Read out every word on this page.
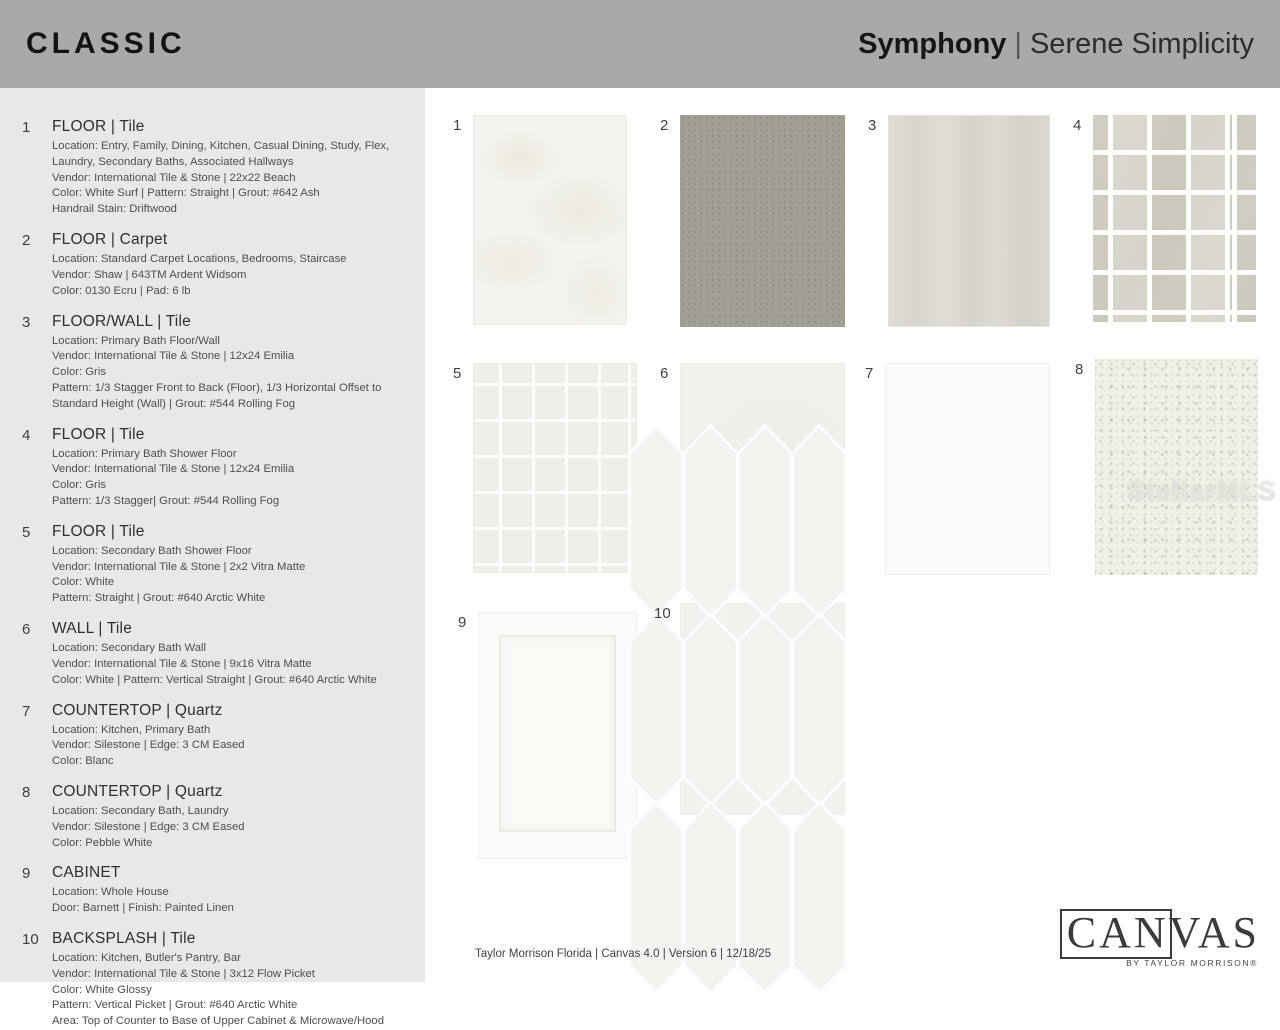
CLASSIC	Symphony | Serene Simplicity
1	FLOOR | Tile
Location: Entry, Family, Dining, Kitchen, Casual Dining, Study, Flex, Laundry, Secondary Baths, Associated Hallways
Vendor: International Tile & Stone | 22x22 Beach
Color: White Surf | Pattern: Straight | Grout: #642 Ash
Handrail Stain: Driftwood
2	FLOOR | Carpet
Location: Standard Carpet Locations, Bedrooms, Staircase
Vendor: Shaw | 643TM Ardent Widsom
Color: 0130 Ecru | Pad: 6 lb
3	FLOOR/WALL | Tile
Location: Primary Bath Floor/Wall
Vendor: International Tile & Stone | 12x24 Emilia
Color: Gris
Pattern: 1/3 Stagger Front to Back (Floor), 1/3 Horizontal Offset to Standard Height (Wall) | Grout: #544 Rolling Fog
4	FLOOR | Tile
Location: Primary Bath Shower Floor
Vendor: International Tile & Stone | 12x24 Emilia
Color: Gris
Pattern: 1/3 Stagger| Grout: #544 Rolling Fog
5	FLOOR | Tile
Location: Secondary Bath Shower Floor
Vendor: International Tile & Stone | 2x2 Vitra Matte
Color: White
Pattern: Straight | Grout: #640 Arctic White
6	WALL | Tile
Location: Secondary Bath Wall
Vendor: International Tile & Stone | 9x16 Vitra Matte
Color: White | Pattern: Vertical Straight | Grout: #640 Arctic White
7	COUNTERTOP | Quartz
Location: Kitchen, Primary Bath
Vendor: Silestone | Edge: 3 CM Eased
Color: Blanc
8	COUNTERTOP | Quartz
Location: Secondary Bath, Laundry
Vendor: Silestone | Edge: 3 CM Eased
Color: Pebble White
9	CABINET
Location: Whole House
Door: Barnett | Finish: Painted Linen
10 BACKSPLASH | Tile
Location: Kitchen, Butler's Pantry, Bar
Vendor: International Tile & Stone | 3x12 Flow Picket
Color: White Glossy
Pattern: Vertical Picket | Grout: #640 Arctic White
Area: Top of Counter to Base of Upper Cabinet & Microwave/Hood
1	2	3	4
5	6	7	8
9
10
StellarMLS
Taylor Morrison Florida | Canvas 4.0 | Version 6 | 12/18/25	CANVAS
BY TAYLOR MORRISON®
